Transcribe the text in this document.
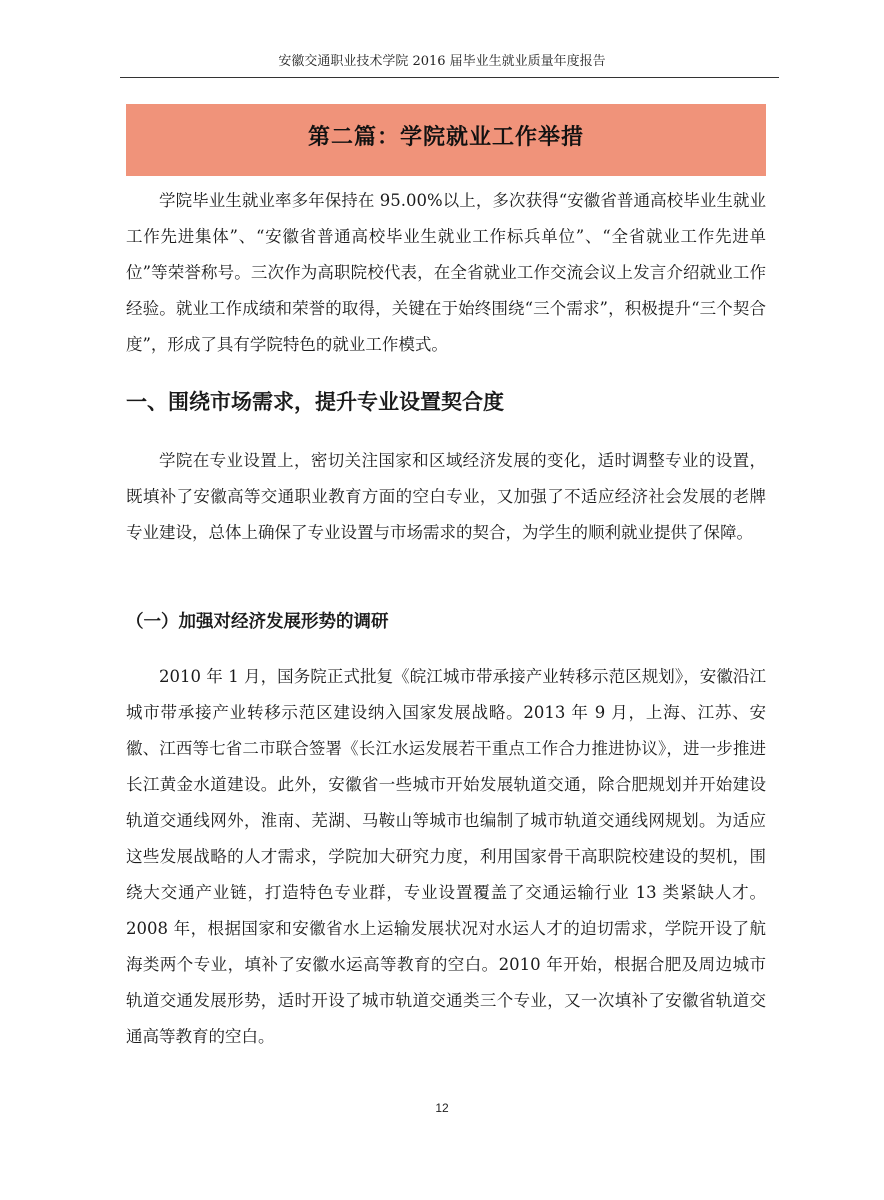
安徽交通职业技术学院 2016 届毕业生就业质量年度报告
第二篇：学院就业工作举措

学院毕业生就业率多年保持在 95.00%以上，多次获得“安徽省普通高校毕业生就业工作先进集体”、“安徽省普通高校毕业生就业工作标兵单位”、“全省就业工作先进单位”等荣誉称号。三次作为高职院校代表，在全省就业工作交流会议上发言介绍就业工作经验。就业工作成绩和荣誉的取得，关键在于始终围绕“三个需求”，积极提升“三个契合度”，形成了具有学院特色的就业工作模式。

一、围绕市场需求，提升专业设置契合度

学院在专业设置上，密切关注国家和区域经济发展的变化，适时调整专业的设置，既填补了安徽高等交通职业教育方面的空白专业，又加强了不适应经济社会发展的老牌专业建设，总体上确保了专业设置与市场需求的契合，为学生的顺利就业提供了保障。

（一）加强对经济发展形势的调研

2010 年 1 月，国务院正式批复《皖江城市带承接产业转移示范区规划》，安徽沿江城市带承接产业转移示范区建设纳入国家发展战略。2013 年 9 月，上海、江苏、安徽、江西等七省二市联合签署《长江水运发展若干重点工作合力推进协议》，进一步推进长江黄金水道建设。此外，安徽省一些城市开始发展轨道交通，除合肥规划并开始建设轨道交通线网外，淮南、芜湖、马鞍山等城市也编制了城市轨道交通线网规划。为适应这些发展战略的人才需求，学院加大研究力度，利用国家骨干高职院校建设的契机，围绕大交通产业链，打造特色专业群，专业设置覆盖了交通运输行业 13 类紧缺人才。2008 年，根据国家和安徽省水上运输发展状况对水运人才的迫切需求，学院开设了航海类两个专业，填补了安徽水运高等教育的空白。2010 年开始，根据合肥及周边城市轨道交通发展形势，适时开设了城市轨道交通类三个专业，又一次填补了安徽省轨道交通高等教育的空白。

12
